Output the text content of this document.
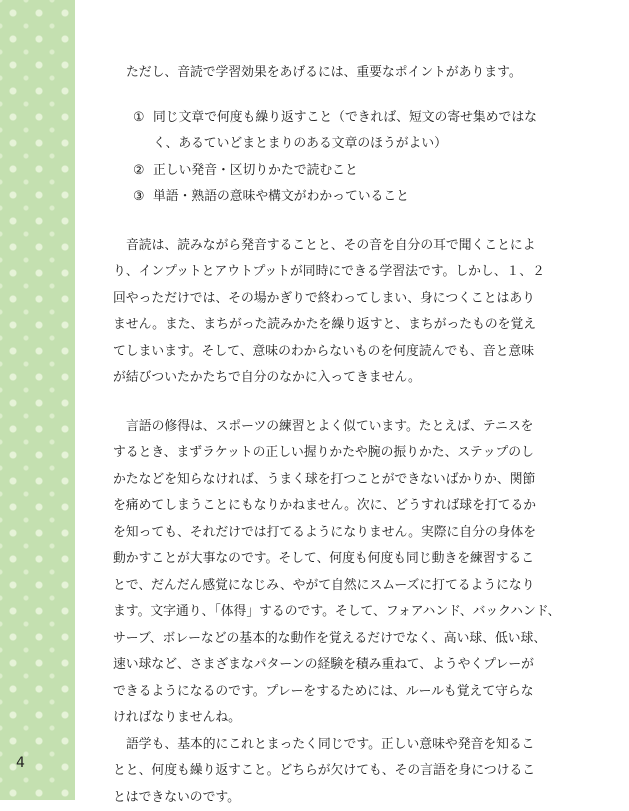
4

ただし、音読で学習効果をあげるには、重要なポイントがあります。

① 同じ文章で何度も繰り返すこと（できれば、短文の寄せ集めではな
く、あるていどまとまりのある文章のほうがよい）
② 正しい発音・区切りかたで読むこと
③ 単語・熟語の意味や構文がわかっていること
音読は、読みながら発音することと、その音を自分の耳で聞くことによ
り、インプットとアウトプットが同時にできる学習法です。しかし、１、２
回やっただけでは、その場かぎりで終わってしまい、身につくことはあり
ません。また、まちがった読みかたを繰り返すと、まちがったものを覚え
てしまいます。そして、意味のわからないものを何度読んでも、音と意味
が結びついたかたちで自分のなかに入ってきません。
言語の修得は、スポーツの練習とよく似ています。たとえば、テニスを
するとき、まずラケットの正しい握りかたや腕の振りかた、ステップのし
かたなどを知らなければ、うまく球を打つことができないばかりか、関節
を痛めてしまうことにもなりかねません。次に、どうすれば球を打てるか
を知っても、それだけでは打てるようになりません。実際に自分の身体を
動かすことが大事なのです。そして、何度も何度も同じ動きを練習するこ
とで、だんだん感覚になじみ、やがて自然にスムーズに打てるようになり
ます。文字通り、「体得」するのです。そして、フォアハンド、バックハンド、
サーブ、ボレーなどの基本的な動作を覚えるだけでなく、高い球、低い球、
速い球など、さまざまなパターンの経験を積み重ねて、ようやくプレーが
できるようになるのです。プレーをするためには、ルールも覚えて守らな
ければなりませんね。
語学も、基本的にこれとまったく同じです。正しい意味や発音を知るこ
とと、何度も繰り返すこと。どちらが欠けても、その言語を身につけるこ
とはできないのです。
